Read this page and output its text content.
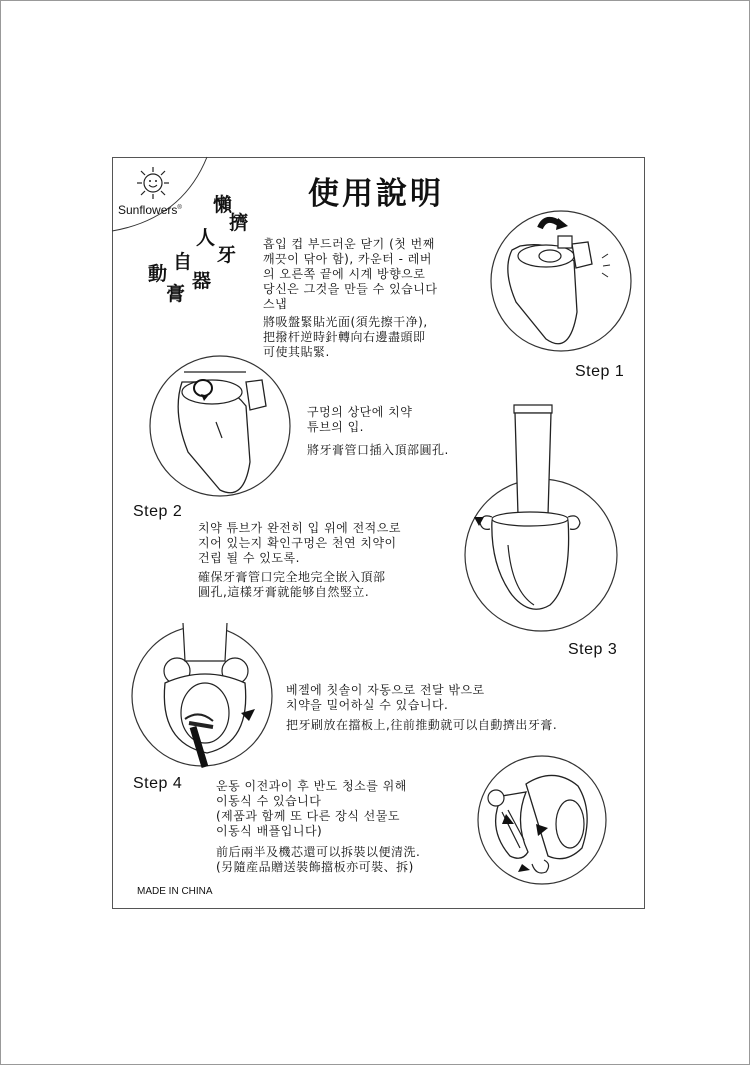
Sunflowers®	使用說明
懶
擠
人
牙
自
器
動
膏
흡입 컵 부드러운 닫기 (첫 번째
깨끗이 닦아 함), 카운터 - 레버
의 오른쪽 끝에 시계 방향으로
당신은 그것을 만들 수 있습니다
스냅
將吸盤緊貼光面(須先擦干净),
把撥杆逆時針轉向右邊盡頭即
可使其貼緊.
Step 1
구멍의 상단에 치약
튜브의 입.
將牙膏管口插入頂部圓孔.
Step 2
치약 튜브가 완전히 입 위에 전적으로
지어 있는지 확인구멍은 천연 치약이
건립 될 수 있도록.
確保牙膏管口完全地完全嵌入頂部
圓孔,這樣牙膏就能够自然竪立.
Step 3
베젤에 칫솔이 자동으로 전달 밖으로
치약을 밀어하실 수 있습니다.
把牙刷放在擋板上,往前推動就可以自動擠出牙膏.
Step 4	운동 이전과이 후 반도 청소를 위해
이동식 수 있습니다
(제품과 함께 또 다른 장식 선물도
이동식 배플입니다)
前后兩半及機芯還可以拆裝以便清洗.
(另隨産品贈送裝飾擋板亦可裝、拆)
MADE IN CHINA
